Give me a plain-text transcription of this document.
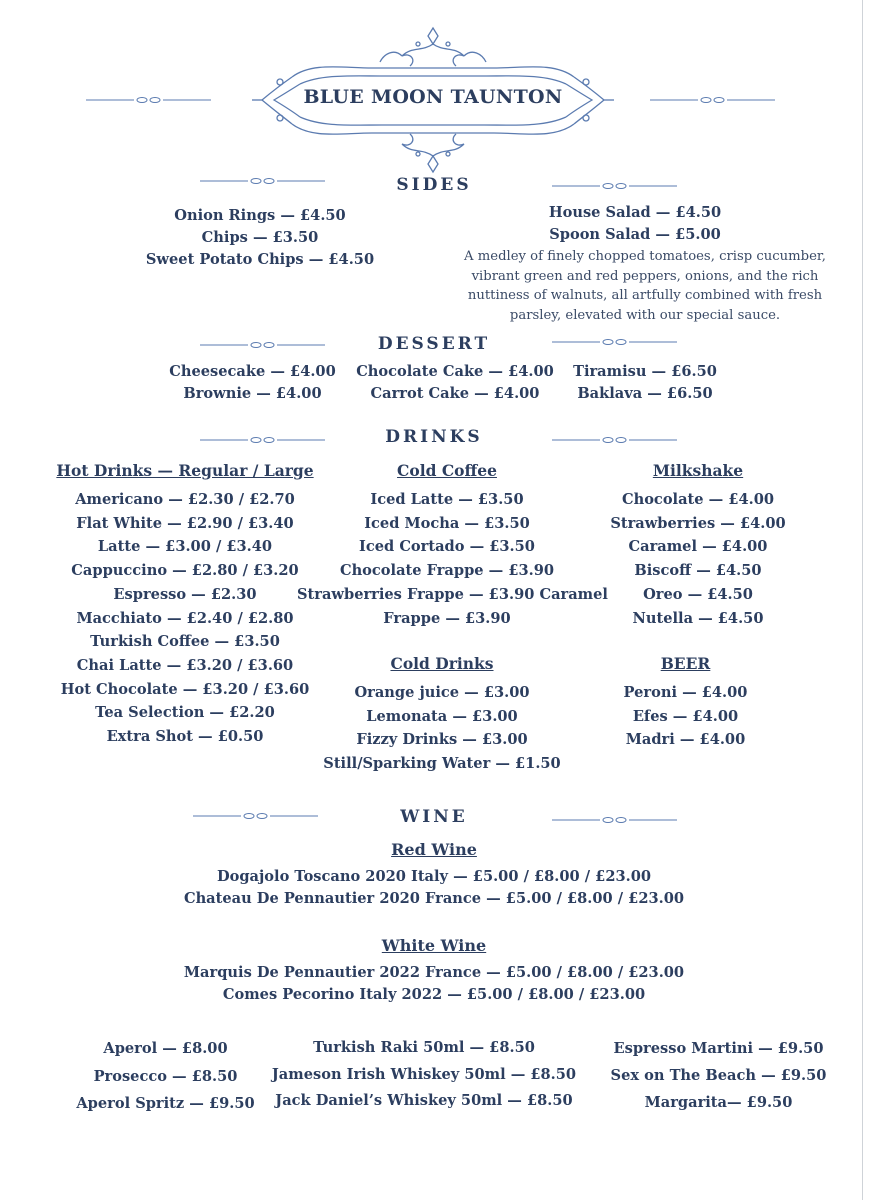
BLUE MOON TAUNTON
SIDES
Onion Rings — £4.50
Chips — £3.50
Sweet Potato Chips — £4.50
House Salad — £4.50
Spoon Salad — £5.00
A medley of finely chopped tomatoes, crisp cucumber,
vibrant green and red peppers, onions, and the rich
nuttiness of walnuts, all artfully combined with fresh
parsley, elevated with our special sauce.
DESSERT
Cheesecake — £4.00
Brownie — £4.00
Chocolate Cake — £4.00
Carrot Cake — £4.00
Tiramisu — £6.50
Baklava — £6.50
DRINKS
Hot Drinks — Regular / Large
Americano — £2.30 / £2.70
Flat White — £2.90 / £3.40
Latte — £3.00 / £3.40
Cappuccino — £2.80 / £3.20
Espresso — £2.30
Macchiato — £2.40 / £2.80
Turkish Coffee — £3.50
Chai Latte — £3.20 / £3.60
Hot Chocolate — £3.20 / £3.60
Tea Selection — £2.20
Extra Shot — £0.50
Cold Coffee
Iced Latte — £3.50
Iced Mocha — £3.50
Iced Cortado — £3.50
Chocolate Frappe — £3.90
Strawberries Frappe — £3.90 Caramel
Frappe — £3.90
Milkshake
Chocolate — £4.00
Strawberries — £4.00
Caramel — £4.00
Biscoff — £4.50
Oreo — £4.50
Nutella — £4.50
Cold Drinks
Orange juice — £3.00
Lemonata — £3.00
Fizzy Drinks — £3.00
Still/Sparking Water — £1.50
BEER
Peroni — £4.00
Efes — £4.00
Madri — £4.00
WINE
Red Wine
Dogajolo Toscano 2020 Italy — £5.00 / £8.00 / £23.00
Chateau De Pennautier 2020 France — £5.00 / £8.00 / £23.00
White Wine
Marquis De Pennautier 2022 France — £5.00 / £8.00 / £23.00
Comes Pecorino Italy 2022 — £5.00 / £8.00 / £23.00
Aperol — £8.00
Prosecco — £8.50
Aperol Spritz — £9.50
Turkish Raki 50ml — £8.50
Jameson Irish Whiskey 50ml — £8.50
Jack Daniel’s Whiskey 50ml — £8.50
Espresso Martini — £9.50
Sex on The Beach — £9.50
Margarita— £9.50
